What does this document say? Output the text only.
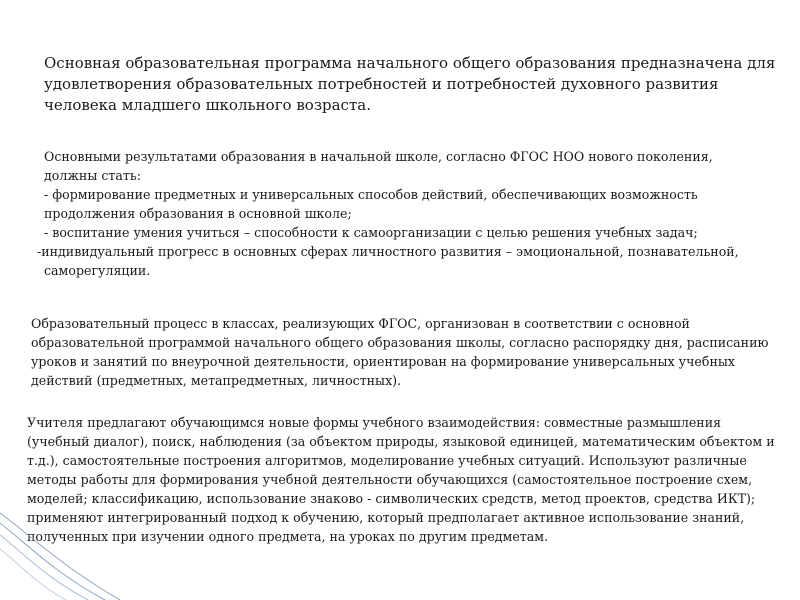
Основная образовательная программа начального общего образования предназначена для
удовлетворения образовательных потребностей и потребностей духовного развития
человека младшего школьного возраста.
Основными результатами образования в начальной школе, согласно ФГОС НОО нового поколения,
должны стать:
- формирование предметных и универсальных способов действий, обеспечивающих возможность
продолжения образования в основной школе;
- воспитание умения учиться – способности к самоорганизации с целью решения учебных задач;
-индивидуальный прогресс в основных сферах личностного развития – эмоциональной, познавательной,
саморегуляции.
Образовательный процесс в классах, реализующих ФГОС, организован в соответствии с основной
образовательной программой начального общего образования школы, согласно распорядку дня, расписанию
уроков и занятий по внеурочной деятельности, ориентирован на формирование универсальных учебных
действий (предметных, метапредметных, личностных).
Учителя предлагают обучающимся новые формы учебного взаимодействия: совместные размышления
(учебный диалог), поиск, наблюдения (за объектом природы, языковой единицей, математическим объектом и
т.д.), самостоятельные построения алгоритмов, моделирование учебных ситуаций. Используют различные
методы работы для формирования учебной деятельности обучающихся (самостоятельное построение схем,
моделей; классификацию, использование знаково - символических средств, метод проектов, средства ИКТ);
применяют интегрированный подход к обучению, который предполагает активное использование знаний,
полученных при изучении одного предмета, на уроках по другим предметам.
